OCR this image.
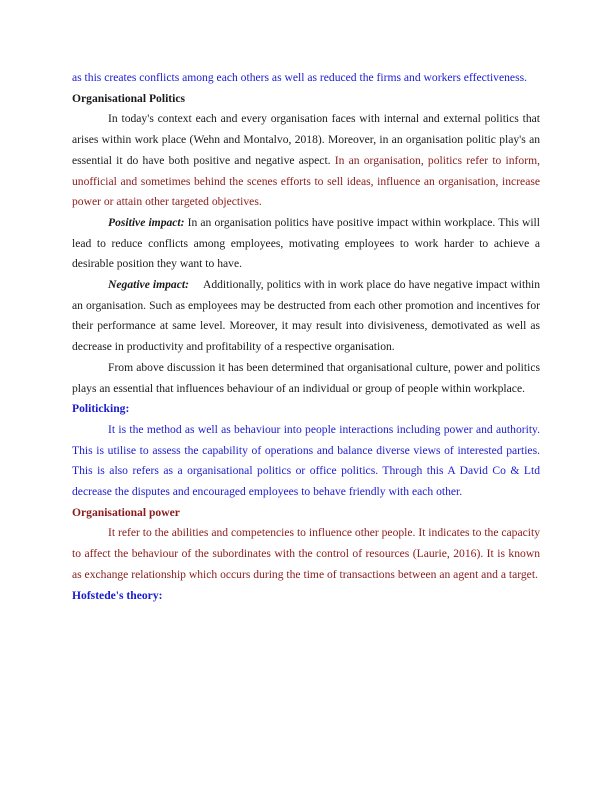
as this creates conflicts among each others as well as reduced the firms and workers effectiveness.

Organisational Politics

In today's context each and every organisation faces with internal and external politics that arises within work place (Wehn and Montalvo, 2018). Moreover, in an organisation politic play's an essential it do have both positive and negative aspect. In an organisation, politics refer to inform, unofficial and sometimes behind the scenes efforts to sell ideas, influence an organisation, increase power or attain other targeted objectives.

Positive impact: In an organisation politics have positive impact within workplace. This will lead to reduce conflicts among employees, motivating employees to work harder to achieve a desirable position they want to have.

Negative impact: Additionally, politics with in work place do have negative impact within an organisation. Such as employees may be destructed from each other promotion and incentives for their performance at same level. Moreover, it may result into divisiveness, demotivated as well as decrease in productivity and profitability of a respective organisation.

From above discussion it has been determined that organisational culture, power and politics plays an essential that influences behaviour of an individual or group of people within workplace.

Politicking:

It is the method as well as behaviour into people interactions including power and authority. This is utilise to assess the capability of operations and balance diverse views of interested parties. This is also refers as a organisational politics or office politics. Through this A David Co & Ltd decrease the disputes and encouraged employees to behave friendly with each other.

Organisational power

It refer to the abilities and competencies to influence other people. It indicates to the capacity to affect the behaviour of the subordinates with the control of resources (Laurie, 2016). It is known as exchange relationship which occurs during the time of transactions between an agent and a target.

Hofstede's theory:
